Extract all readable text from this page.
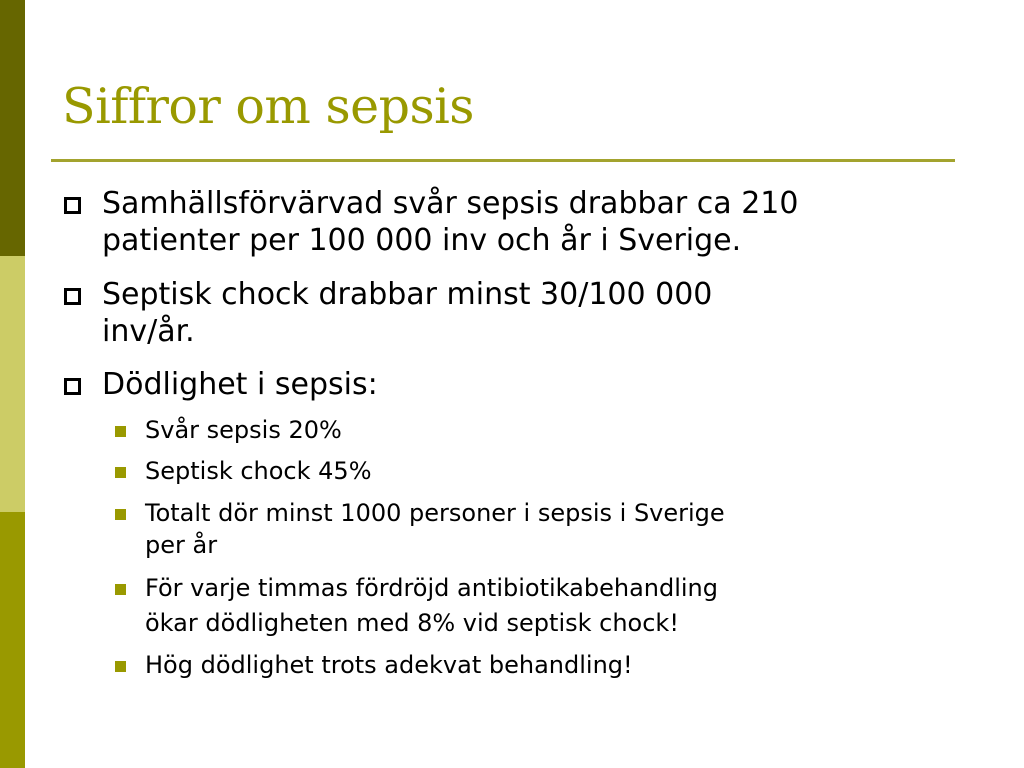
Siffror om sepsis
Samhällsförvärvad svår sepsis drabbar ca 210
patienter per 100 000 inv och år i Sverige.
Septisk chock drabbar minst 30/100 000
inv/år.
Dödlighet i sepsis:
Svår sepsis 20%
Septisk chock 45%
Totalt dör minst 1000 personer i sepsis i Sverige
per år
För varje timmas fördröjd antibiotikabehandling
ökar dödligheten med 8% vid septisk chock!
Hög dödlighet trots adekvat behandling!
